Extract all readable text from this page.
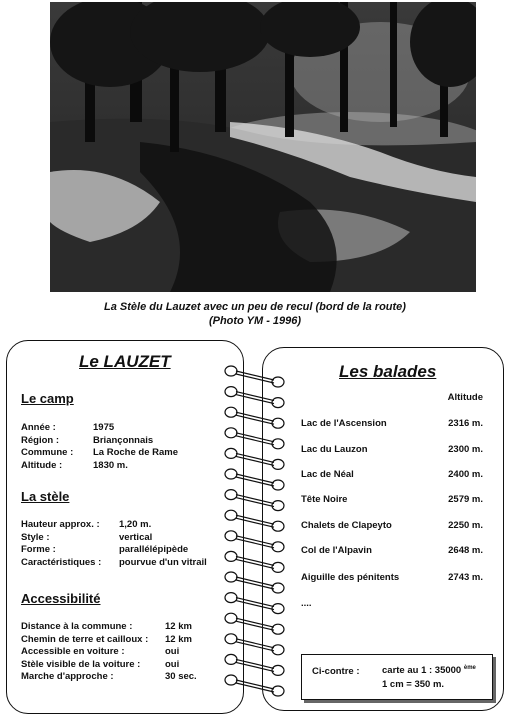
La Stèle du Lauzet avec un peu de recul (bord de la route)
(Photo YM - 1996)
Le LAUZET
Le camp
Année :	1975
Région :	Briançonnais
Commune :	La Roche de Rame
Altitude :	1830 m.
La stèle
Hauteur approx. :	1,20 m.
Style :	vertical
Forme :	parallélépipède
Caractéristiques :	pourvue d'un vitrail
Accessibilité
Distance à la commune :	12 km
Chemin de terre et cailloux :	12 km
Accessible en voiture :	oui
Stèle visible de la voiture :	oui
Marche d'approche :	30 sec.
Les balades
Altitude
Lac de l'Ascension	2316 m.
Lac du Lauzon	2300 m.
Lac de Néal	2400 m.
Tête Noire	2579 m.
Chalets de Clapeyto	2250 m.
Col de l'Alpavin	2648 m.
Aiguille des pénitents	2743 m.
....
Ci-contre : carte au 1 : 35000 $^{ème}$
1 cm = 350 m.
